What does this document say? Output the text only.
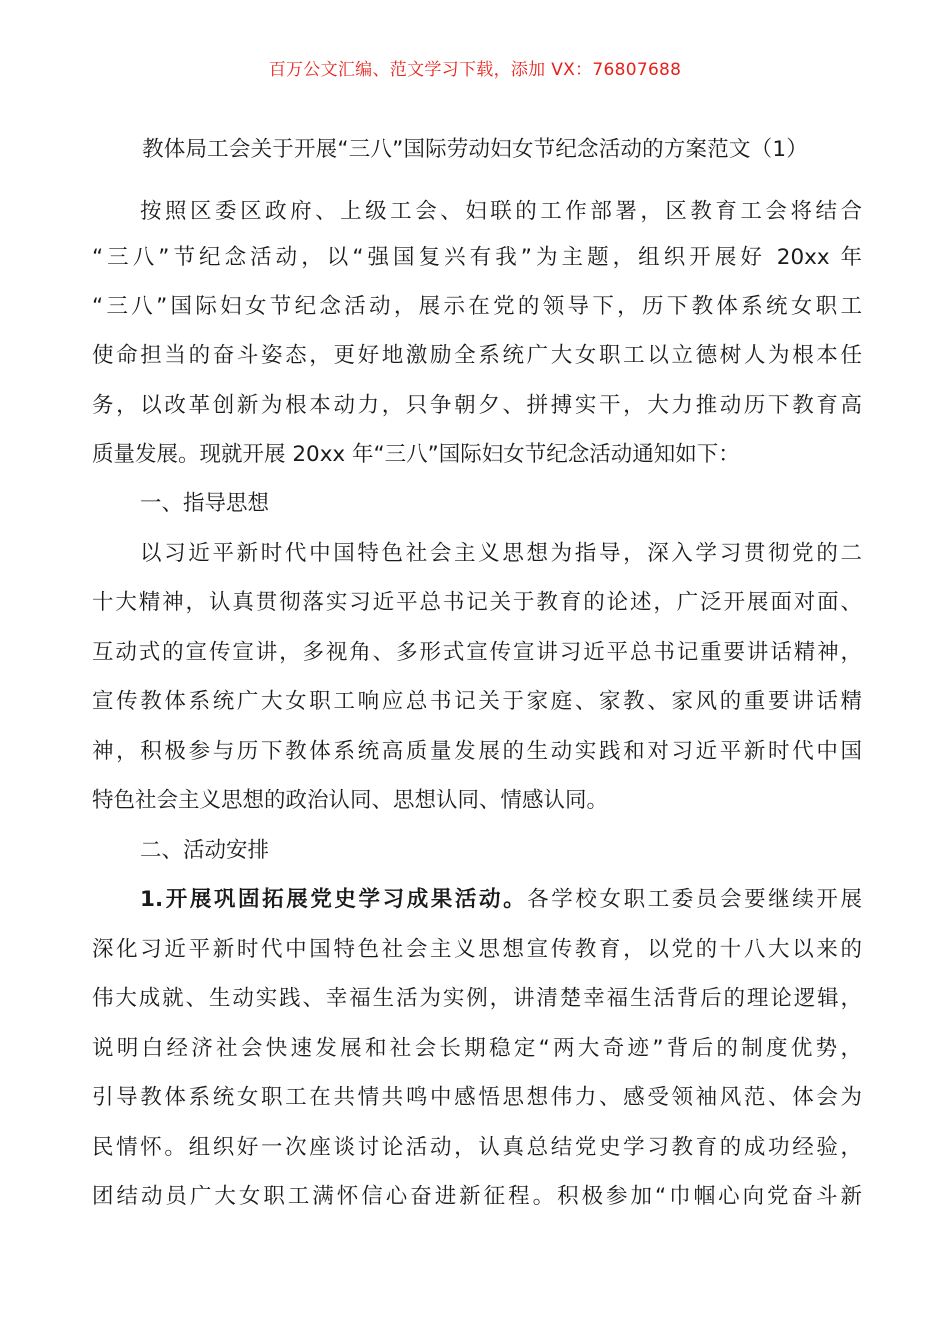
百万公文汇编、范文学习下载，添加 VX：76807688
教体局工会关于开展“三八”国际劳动妇女节纪念活动的方案范文（1）
按照区委区政府、上级工会、妇联的工作部署，区教育工会将结合
“三八”节纪念活动，以“强国复兴有我”为主题，组织开展好 20xx 年
“三八”国际妇女节纪念活动，展示在党的领导下，历下教体系统女职工
使命担当的奋斗姿态，更好地激励全系统广大女职工以立德树人为根本任
务，以改革创新为根本动力，只争朝夕、拼搏实干，大力推动历下教育高
质量发展。现就开展 20xx 年“三八”国际妇女节纪念活动通知如下：
一、指导思想
以习近平新时代中国特色社会主义思想为指导，深入学习贯彻党的二
十大精神，认真贯彻落实习近平总书记关于教育的论述，广泛开展面对面、
互动式的宣传宣讲，多视角、多形式宣传宣讲习近平总书记重要讲话精神，
宣传教体系统广大女职工响应总书记关于家庭、家教、家风的重要讲话精
神，积极参与历下教体系统高质量发展的生动实践和对习近平新时代中国
特色社会主义思想的政治认同、思想认同、情感认同。
二、活动安排
1.开展巩固拓展党史学习成果活动。各学校女职工委员会要继续开展
深化习近平新时代中国特色社会主义思想宣传教育，以党的十八大以来的
伟大成就、生动实践、幸福生活为实例，讲清楚幸福生活背后的理论逻辑，
说明白经济社会快速发展和社会长期稳定“两大奇迹”背后的制度优势，
引导教体系统女职工在共情共鸣中感悟思想伟力、感受领袖风范、体会为
民情怀。组织好一次座谈讨论活动，认真总结党史学习教育的成功经验，
团结动员广大女职工满怀信心奋进新征程。积极参加“巾帼心向党奋斗新
